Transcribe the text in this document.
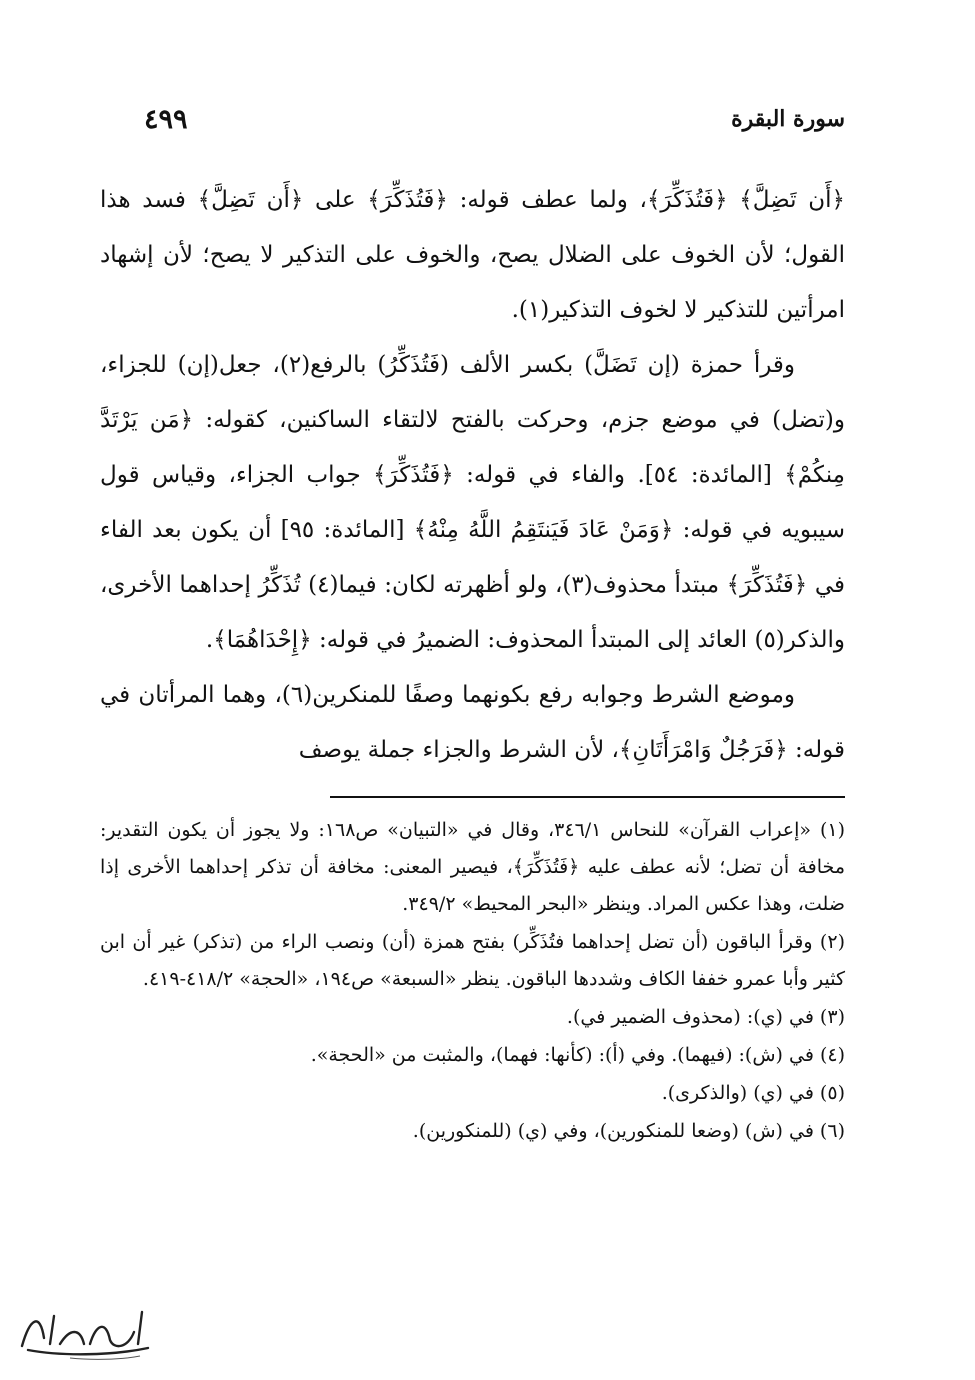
٤٩٩	سورة البقرة

﴿أَن تَضِلَّ﴾ ﴿فَتُذَكِّرَ﴾، ولما عطف قوله: ﴿فَتُذَكِّرَ﴾ على ﴿أَن تَضِلَّ﴾ فسد هذا القول؛ لأن الخوف على الضلال يصح، والخوف على التذكير لا يصح؛ لأن إشهاد امرأتين للتذكير لا لخوف التذكير(١).

وقرأ حمزة (إن تَضَلَّ) بكسر الألف (فَتُذَكِّرُ) بالرفع(٢)، جعل(إن) للجزاء، و(تضل) في موضع جزم، وحركت بالفتح لالتقاء الساكنين، كقوله: ﴿مَن يَرْتَدَّ مِنكُمْ﴾ [المائدة: ٥٤]. والفاء في قوله: ﴿فَتُذَكِّرَ﴾ جواب الجزاء، وقياس قول سيبويه في قوله: ﴿وَمَنْ عَادَ فَيَنتَقِمُ اللَّهُ مِنْهُ﴾ [المائدة: ٩٥] أن يكون بعد الفاء في ﴿فَتُذَكِّرَ﴾ مبتدأ محذوف(٣)، ولو أظهرته لكان: فيما(٤) تُذَكِّرُ إحداهما الأخرى، والذكر(٥) العائد إلى المبتدأ المحذوف: الضميرُ في قوله: ﴿إِحْدَاهُمَا﴾.

وموضع الشرط وجوابه رفع بكونهما وصفًا للمنكرين(٦)، وهما المرأتان في قوله: ﴿فَرَجُلٌ وَامْرَأَتَانِ﴾، لأن الشرط والجزاء جملة يوصف

(١) «إعراب القرآن» للنحاس ٣٤٦/١، وقال في «التبيان» ص١٦٨: ولا يجوز أن يكون التقدير: مخافة أن تضل؛ لأنه عطف عليه ﴿فَتُذَكِّرَ﴾، فيصير المعنى: مخافة أن تذكر إحداهما الأخرى إذا ضلت، وهذا عكس المراد. وينظر «البحر المحيط» ٣٤٩/٢.

(٢) وقرأ الباقون (أن تضل إحداهما فتُذَكِّر) بفتح همزة (أن) ونصب الراء من (تذكر) غير أن ابن كثير وأبا عمرو خففا الكاف وشددها الباقون. ينظر «السبعة» ص١٩٤، «الحجة» ٤١٨/٢-٤١٩.

(٣) في (ي): (محذوف الضمير في).

(٤) في (ش): (فيهما). وفي (أ): (كأنها: فهما)، والمثبت من «الحجة».

(٥) في (ي) (والذكرى).

(٦) في (ش) (وضعا للمنكورين)، وفي (ي) (للمنكورين).
